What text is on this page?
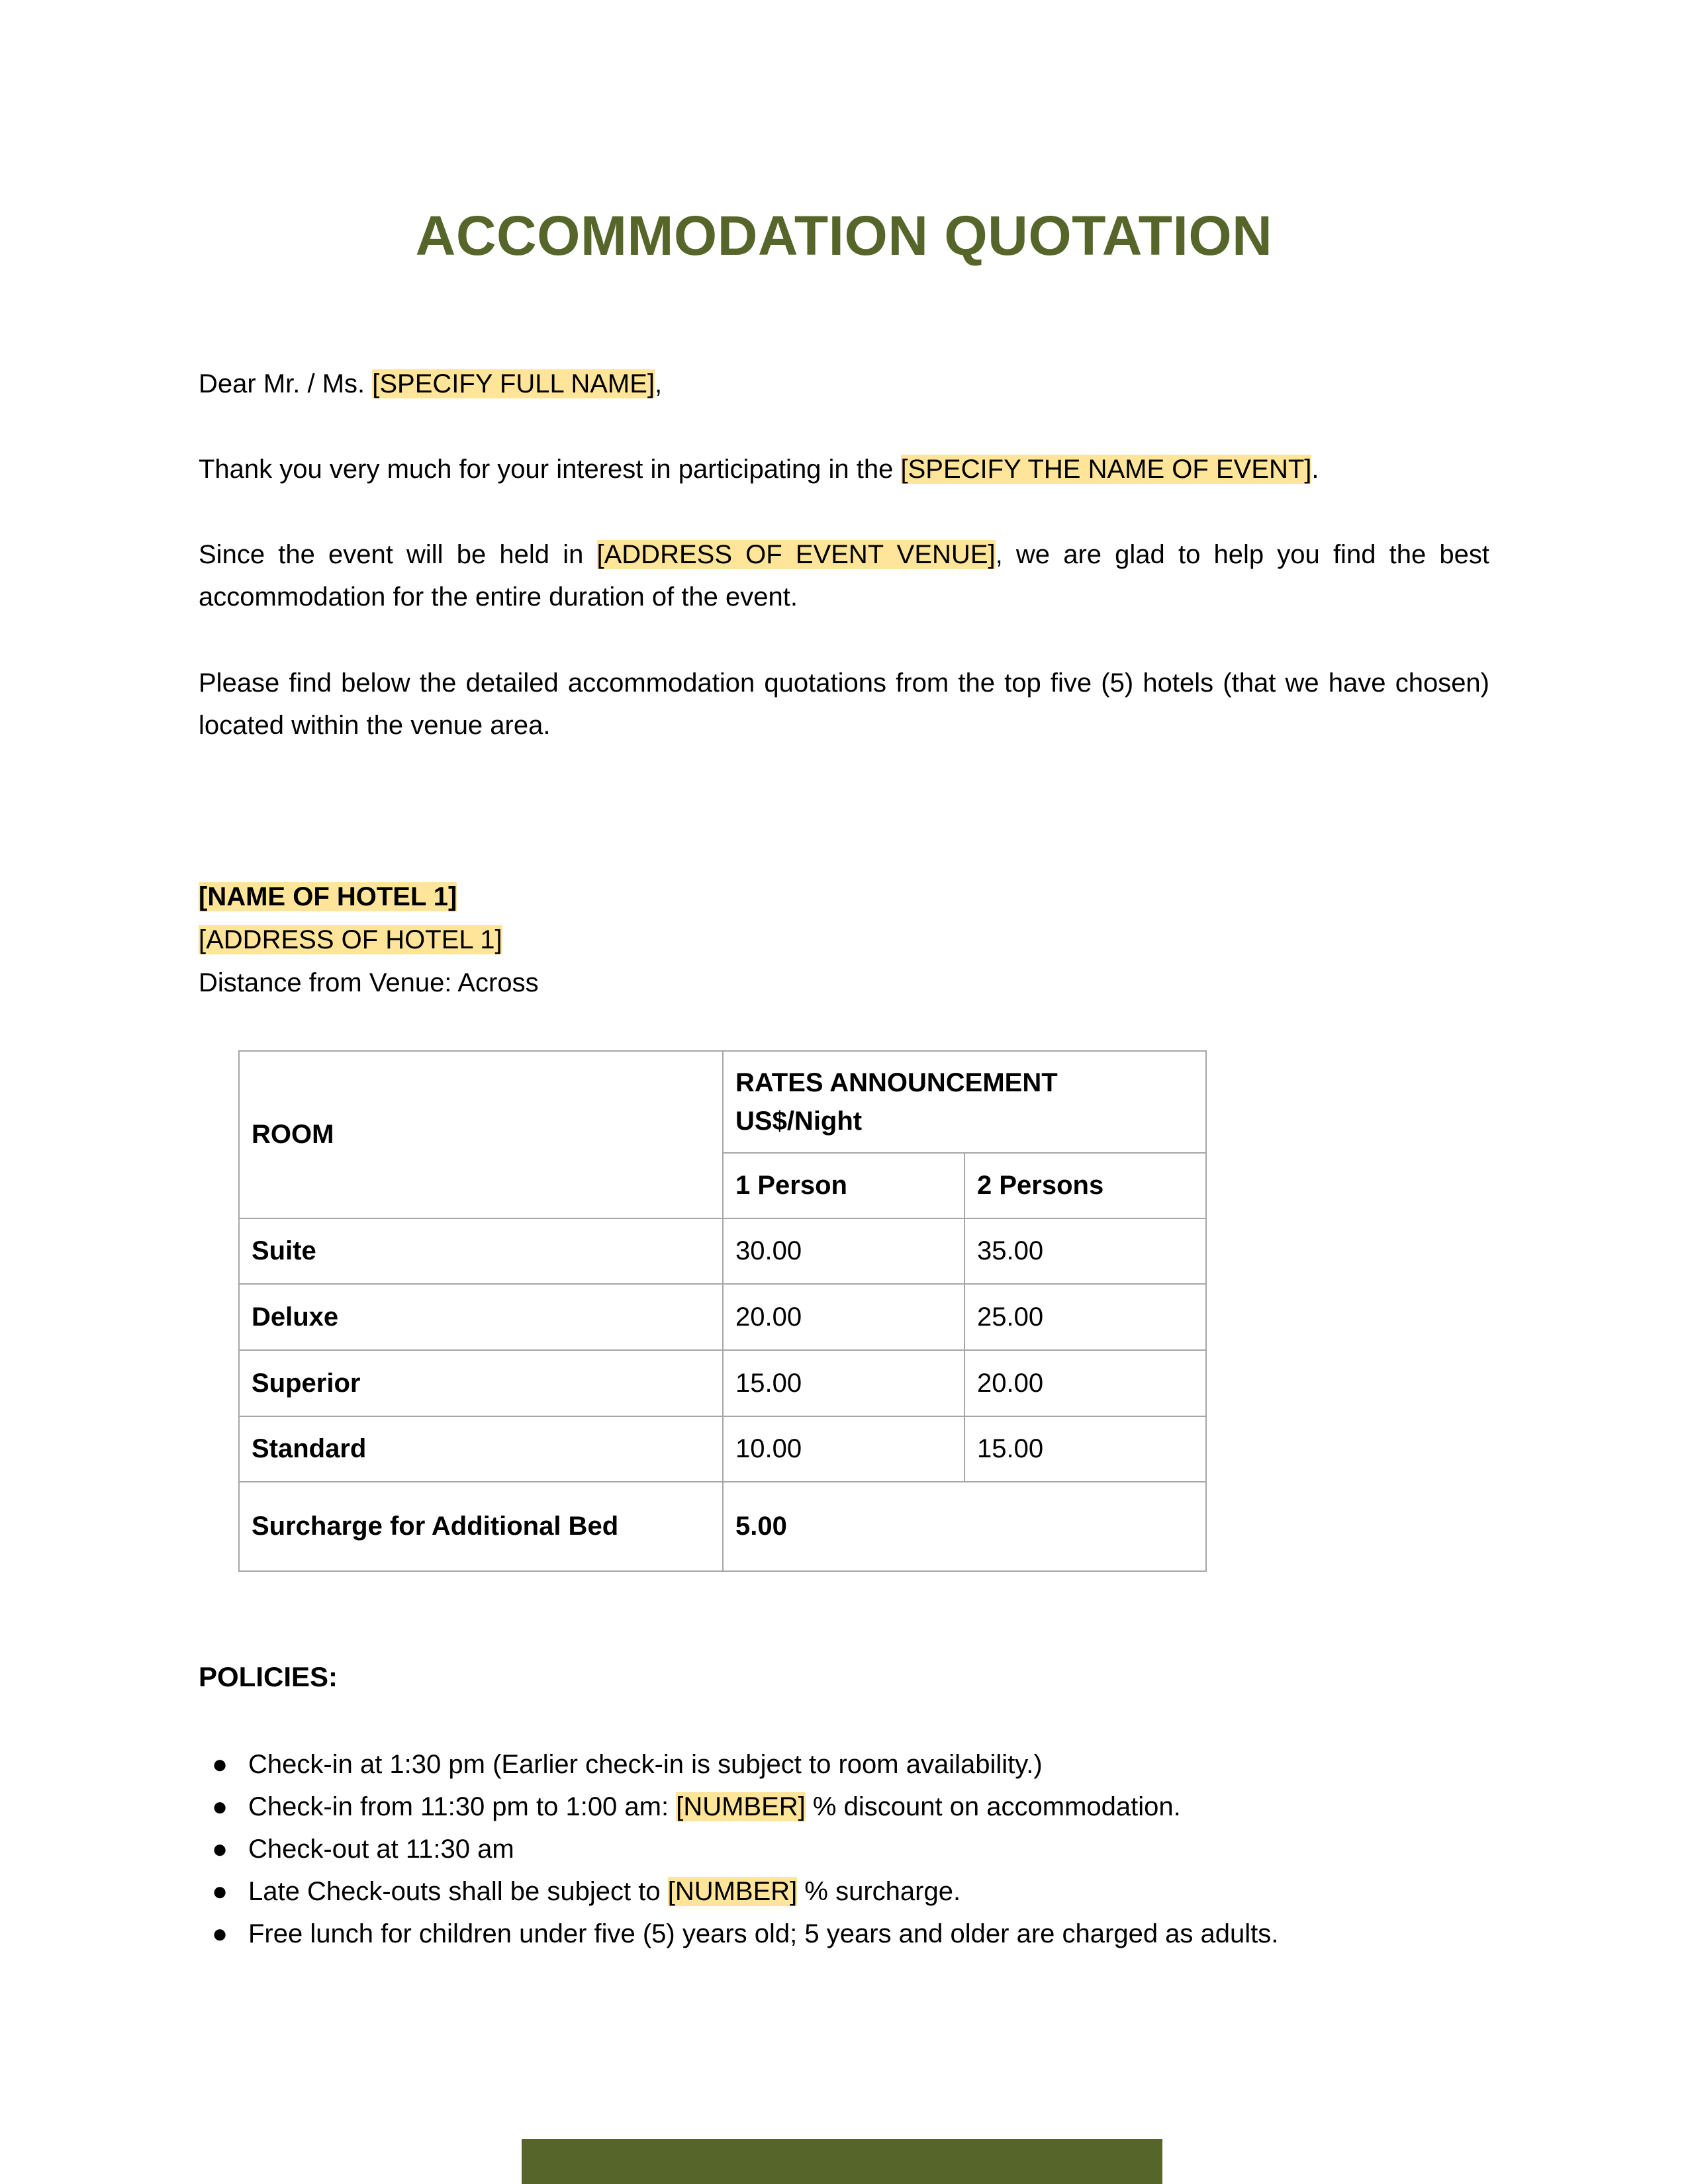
ACCOMMODATION QUOTATION
Dear Mr. / Ms. [SPECIFY FULL NAME],
Thank you very much for your interest in participating in the [SPECIFY THE NAME OF EVENT].
Since the event will be held in [ADDRESS OF EVENT VENUE], we are glad to help you find the best accommodation for the entire duration of the event.
Please find below the detailed accommodation quotations from the top five (5) hotels (that we have chosen) located within the venue area.
[NAME OF HOTEL 1]
[ADDRESS OF HOTEL 1]
Distance from Venue: Across
ROOM	RATES ANNOUNCEMENT
US$/Night	

	1 Person	2 Persons
Suite	30.00	35.00
Deluxe	20.00	25.00
Superior	15.00	20.00
Standard	10.00	15.00
Surcharge for Additional Bed	5.00	
POLICIES:
● Check-in at 1:30 pm (Earlier check-in is subject to room availability.)
● Check-in from 11:30 pm to 1:00 am: [NUMBER] % discount on accommodation.
● Check-out at 11:30 am
● Late Check-outs shall be subject to [NUMBER] % surcharge.
● Free lunch for children under five (5) years old; 5 years and older are charged as adults.
